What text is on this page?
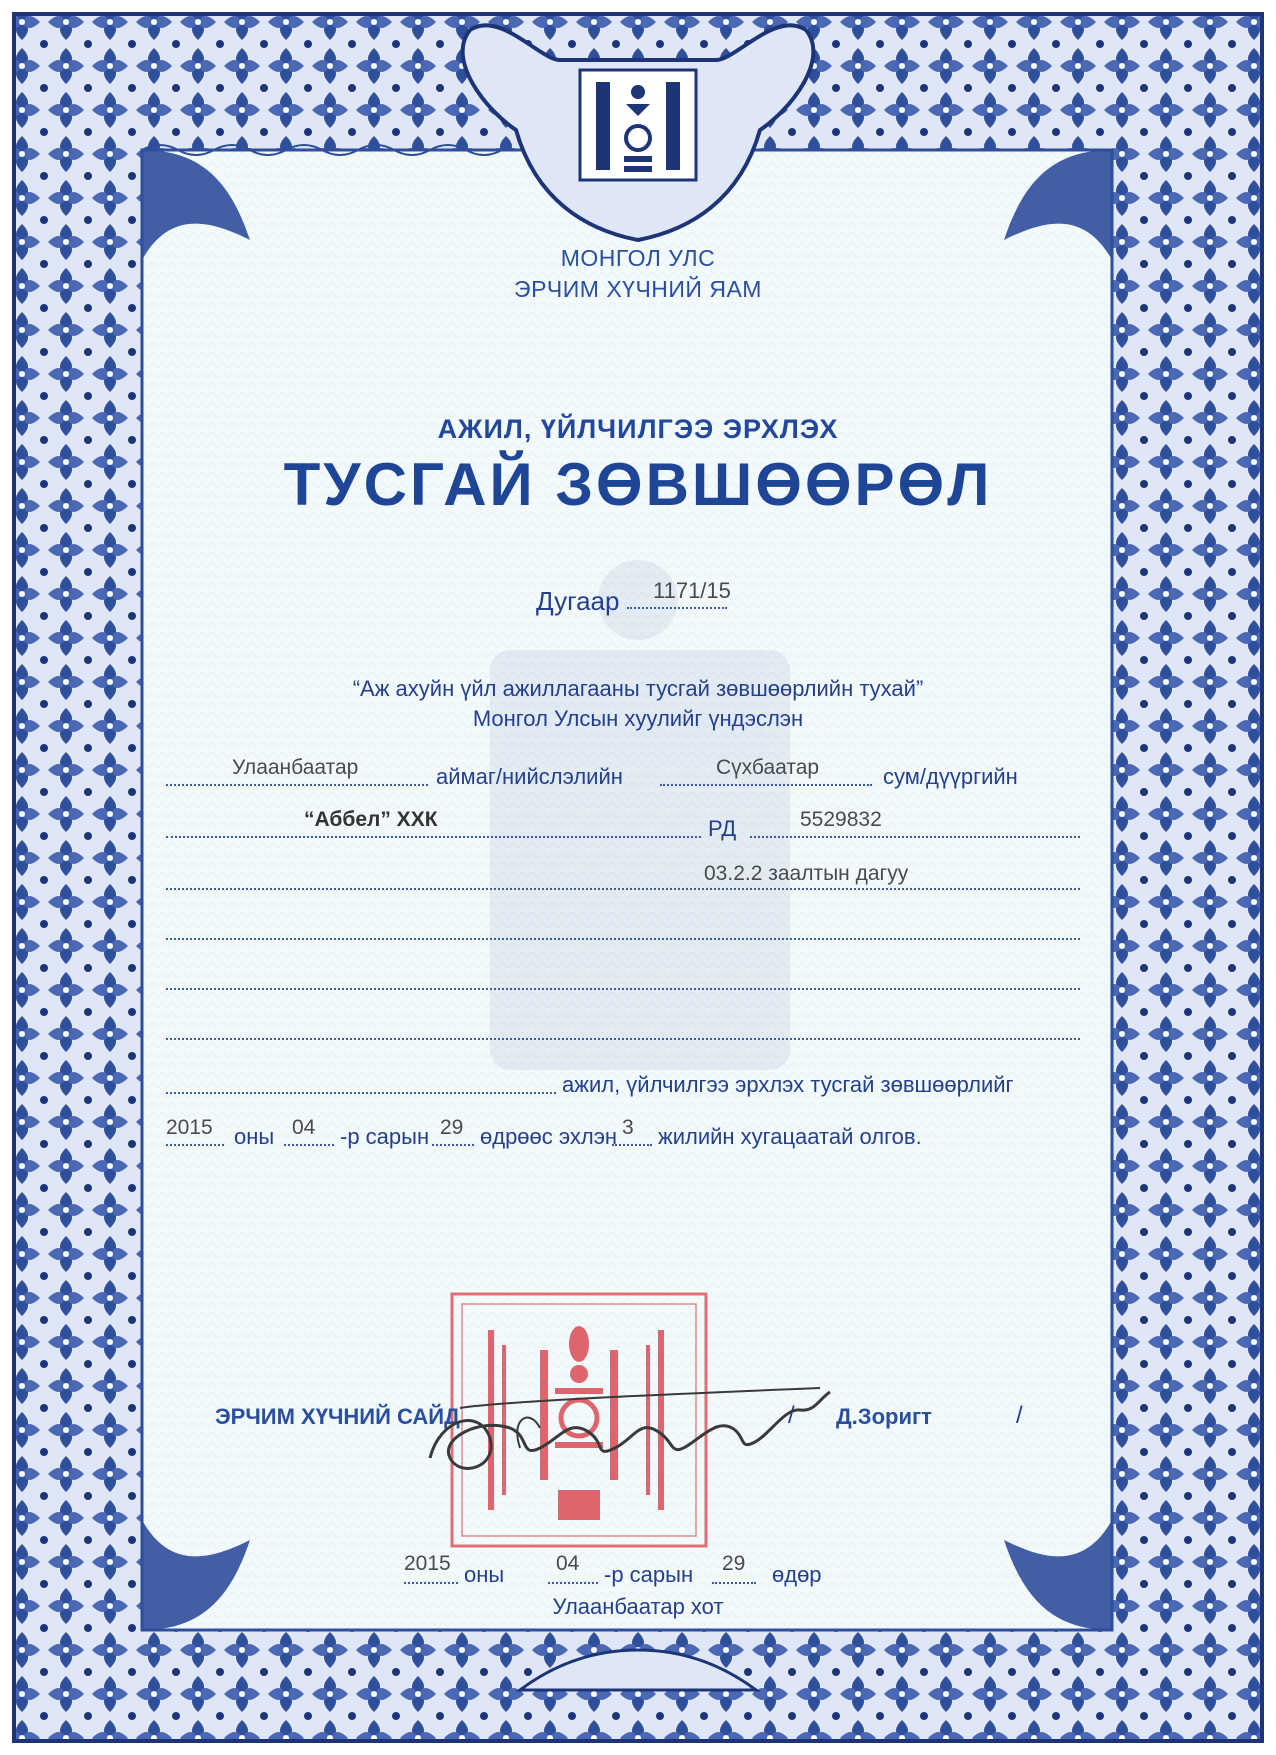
МОНГОЛ УЛС
ЭРЧИМ ХҮЧНИЙ ЯАМ
АЖИЛ, ҮЙЛЧИЛГЭЭ ЭРХЛЭХ
ТУСГАЙ ЗӨВШӨӨРӨЛ
Дугаар 1171/15
“Аж ахуйн үйл ажиллагааны тусгай зөвшөөрлийн тухай”
Монгол Улсын хуулийг үндэслэн
Улаанбаатар	аймаг/нийслэлийн	Сүхбаатар	сум/дүүргийн
“Аббел” ХХК	РД	5529832
03.2.2 заалтын дагуу
ажил, үйлчилгээ эрхлэх тусгай зөвшөөрлийг
2015 оны 04 -р сарын 29 өдрөөс эхлэн 3 жилийн хугацаатай олгов.
ЭРЧИМ ХҮЧНИЙ САЙД	/ Д.Зоригт	/
2015 оны 04 -р сарын 29 өдөр
Улаанбаатар хот
